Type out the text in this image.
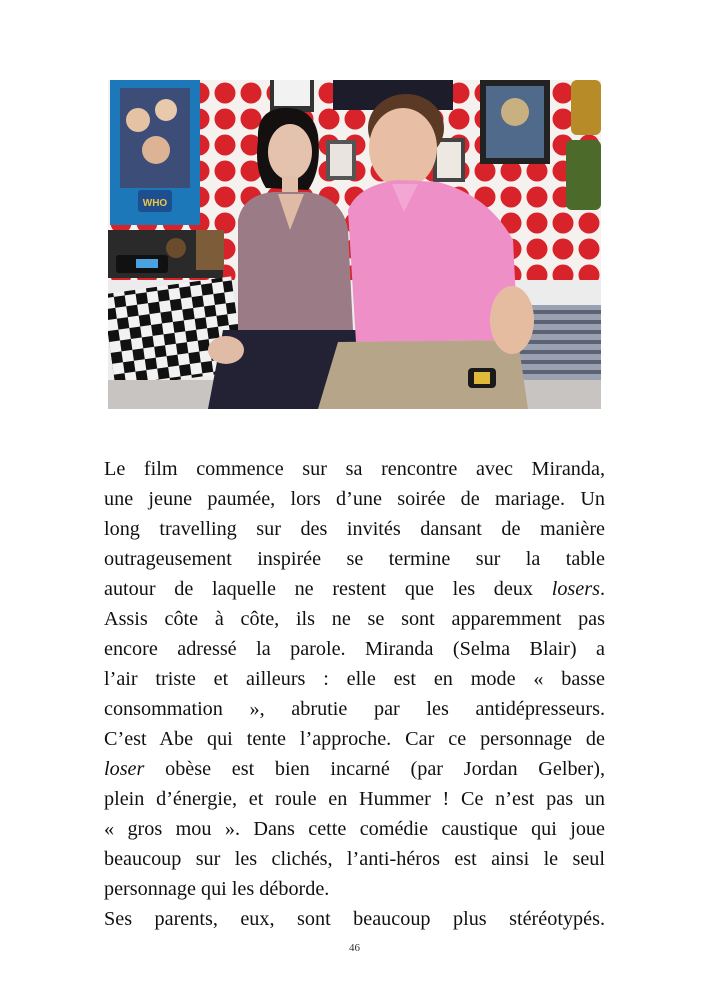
WHO
Le film commence sur sa rencontre avec Miranda,
une jeune paumée, lors d’une soirée de mariage. Un
long travelling sur des invités dansant de manière
outrageusement inspirée se termine sur la table
autour de laquelle ne restent que les deux losers.
Assis côte à côte, ils ne se sont apparemment pas
encore adressé la parole. Miranda (Selma Blair) a
l’air triste et ailleurs : elle est en mode « basse
consommation », abrutie par les antidépresseurs.
C’est Abe qui tente l’approche. Car ce personnage de
loser obèse est bien incarné (par Jordan Gelber),
plein d’énergie, et roule en Hummer ! Ce n’est pas un
« gros mou ». Dans cette comédie caustique qui joue
beaucoup sur les clichés, l’anti-héros est ainsi le seul
personnage qui les déborde.
Ses parents, eux, sont beaucoup plus stéréotypés.
46
